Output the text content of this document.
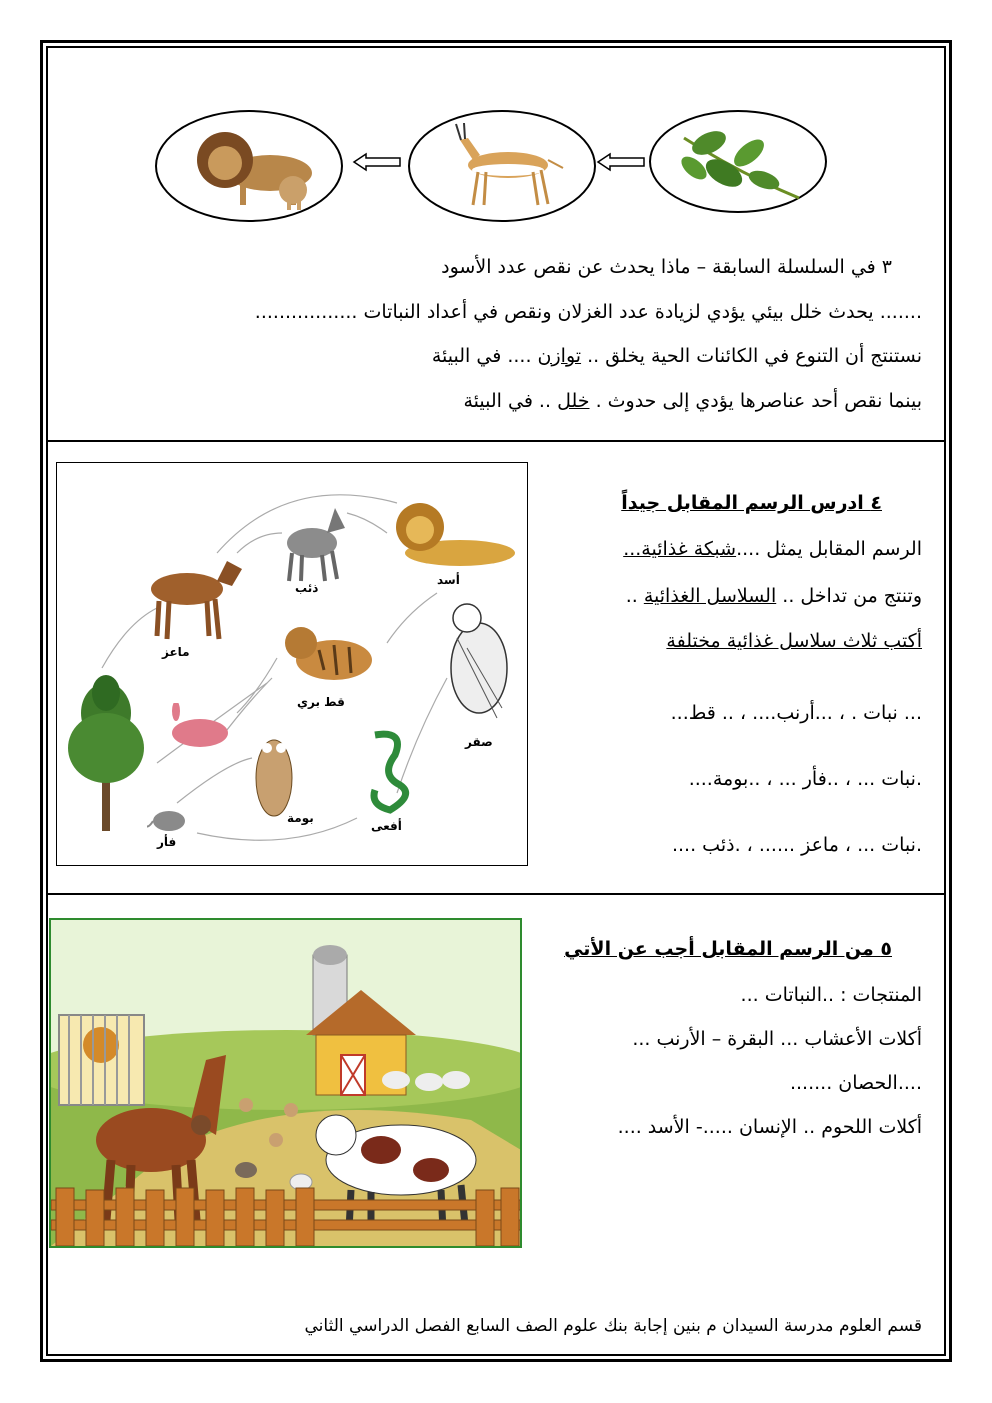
٣ في السلسلة السابقة – ماذا يحدث عن نقص عدد الأسود
....... يحدث خلل بيئي يؤدي لزيادة عدد الغزلان ونقص في أعداد النباتات .................
نستنتج أن التنوع في الكائنات الحية يخلق .. توازن .... في البيئة
بينما نقص أحد عناصرها يؤدي إلى حدوث . خلل .. في البيئة
ماعز
ذئب
أسد
قط بري
صقر
بومة
أفعى
فأر
٤ ادرس الرسم المقابل جيداً
الرسم المقابل يمثل ....شبكة غذائية...
وتنتج من تداخل .. السلاسل الغذائية ..
أكتب ثلاث سلاسل غذائية مختلفة
... نبات . ، ...أرنب.... ، .. قط...
.نبات ... ، ..فأر ... ، ..بومة....
.نبات ... ، ماعز ...... ، .ذئب ....
٥ من الرسم المقابل أجب عن الأتي
المنتجات : ..النباتات ...
أكلات الأعشاب ... البقرة – الأرنب ...
....الحصان .......
أكلات اللحوم .. الإنسان .....- الأسد ....
قسم العلوم مدرسة السيدان م بنين إجابة بنك علوم الصف السابع الفصل الدراسي الثاني
